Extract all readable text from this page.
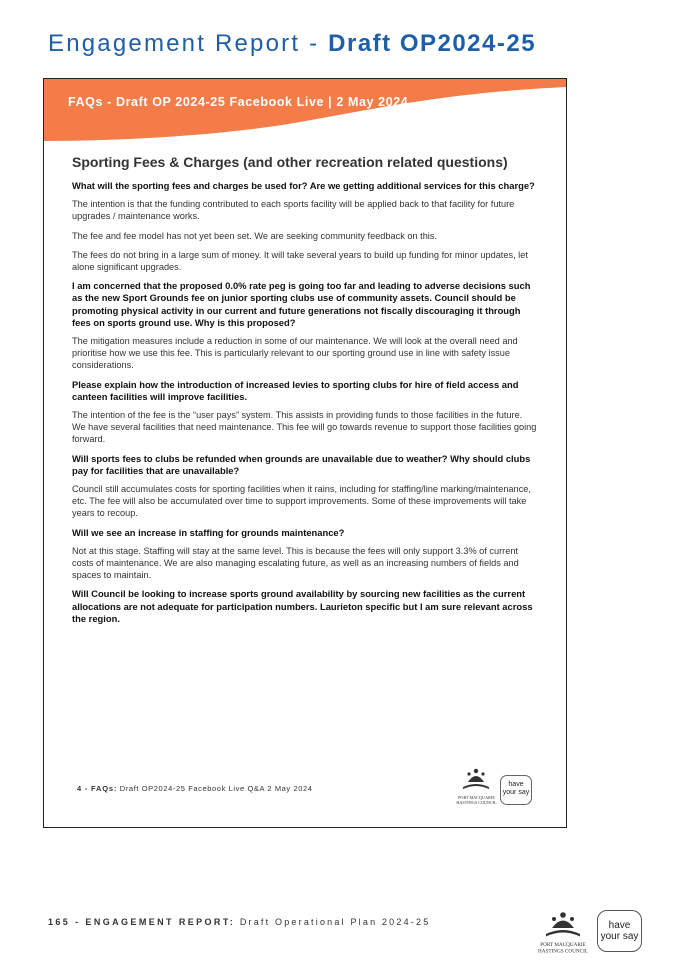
Engagement Report - Draft OP2024-25
FAQs - Draft OP 2024-25 Facebook Live | 2 May 2024
Sporting Fees & Charges (and other recreation related questions)
What will the sporting fees and charges be used for? Are we getting additional services for this charge?
The intention is that the funding contributed to each sports facility will be applied back to that facility for future upgrades / maintenance works.
The fee and fee model has not yet been set. We are seeking community feedback on this.
The fees do not bring in a large sum of money. It will take several years to build up funding for minor updates, let alone significant upgrades.
I am concerned that the proposed 0.0% rate peg is going too far and leading to adverse decisions such as the new Sport Grounds fee on junior sporting clubs use of community assets. Council should be promoting physical activity in our current and future generations not fiscally discouraging it through fees on sports ground use. Why is this proposed?
The mitigation measures include a reduction in some of our maintenance. We will look at the overall need and prioritise how we use this fee. This is particularly relevant to our sporting ground use in line with safety issue considerations.
Please explain how the introduction of increased levies to sporting clubs for hire of field access and canteen facilities will improve facilities.
The intention of the fee is the “user pays” system. This assists in providing funds to those facilities in the future. We have several facilities that need maintenance. This fee will go towards revenue to support those facilities going forward.
Will sports fees to clubs be refunded when grounds are unavailable due to weather? Why should clubs pay for facilities that are unavailable?
Council still accumulates costs for sporting facilities when it rains, including for staffing/line marking/maintenance, etc. The fee will also be accumulated over time to support improvements. Some of these improvements will take years to recoup.
Will we see an increase in staffing for grounds maintenance?
Not at this stage. Staffing will stay at the same level. This is because the fees will only support 3.3% of current costs of maintenance. We are also managing escalating future, as well as an increasing numbers of fields and spaces to maintain.
Will Council be looking to increase sports ground availability by sourcing new facilities as the current allocations are not adequate for participation numbers. Laurieton specific but I am sure relevant across the region.
4 - FAQs: Draft OP2024-25 Facebook Live Q&A 2 May 2024
PORT MACQUARIE
HASTINGS COUNCIL
have your say
165 - ENGAGEMENT REPORT: Draft Operational Plan 2024-25
PORT MACQUARIE
HASTINGS COUNCIL
have your say
